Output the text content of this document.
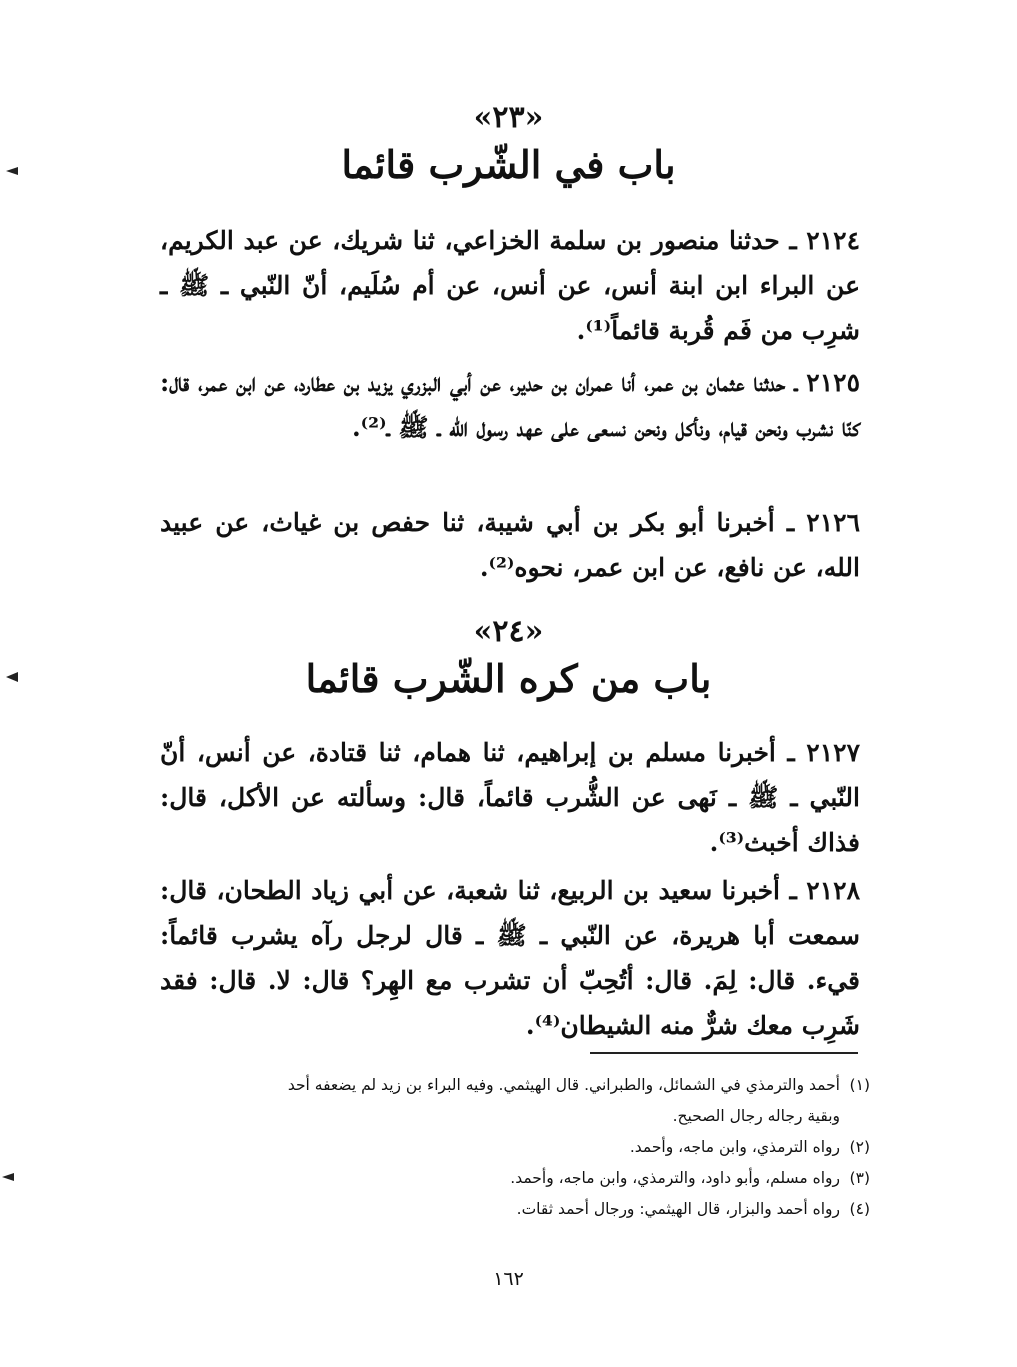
«٢٣»
باب في الشّرب قائما

٢١٢٤ ـ حدثنا منصور بن سلمة الخزاعي، ثنا شريك، عن عبد الكريم، عن البراء ابن ابنة أنس، عن أنس، عن أم سُلَيم، أنّ النّبي ـ ﷺ ـ شرِب من فَم قُربة قائماً⁽¹⁾.

٢١٢٥ ـ حدثنا عثمان بن عمر، أنا عمران بن حدير، عن أبي البزري يزيد بن عطارد، عن ابن عمر، قال: كنّا نشرب ونحن قيام، ونأكل ونحن نسعى على عهد رسول الله ـ ﷺ ـ⁽²⁾.

٢١٢٦ ـ أخبرنا أبو بكر بن أبي شيبة، ثنا حفص بن غياث، عن عبيد الله، عن نافع، عن ابن عمر، نحوه⁽²⁾.

«٢٤»
باب من كره الشّرب قائما

٢١٢٧ ـ أخبرنا مسلم بن إبراهيم، ثنا همام، ثنا قتادة، عن أنس، أنّ النّبي ـ ﷺ ـ نَهى عن الشُّرب قائماً، قال: وسألته عن الأكل، قال: فذاك أخبث⁽³⁾.

٢١٢٨ ـ أخبرنا سعيد بن الربيع، ثنا شعبة، عن أبي زياد الطحان، قال: سمعت أبا هريرة، عن النّبي ـ ﷺ ـ قال لرجل رآه يشرب قائماً: قيء. قال: لِمَ. قال: أتُحِبّ أن تشرب مع الهِر؟ قال: لا. قال: فقد شَرِب معك شرٌّ منه الشيطان⁽⁴⁾.

(١)أحمد والترمذي في الشمائل، والطبراني. قال الهيثمي. وفيه البراء بن زيد لم يضعفه أحد
وبقية رجاله رجال الصحيح.
(٢)رواه الترمذي، وابن ماجه، وأحمد.
(٣)رواه مسلم، وأبو داود، والترمذي، وابن ماجه، وأحمد.
(٤)رواه أحمد والبزار، قال الهيثمي: ورجال أحمد ثقات.
١٦٢
